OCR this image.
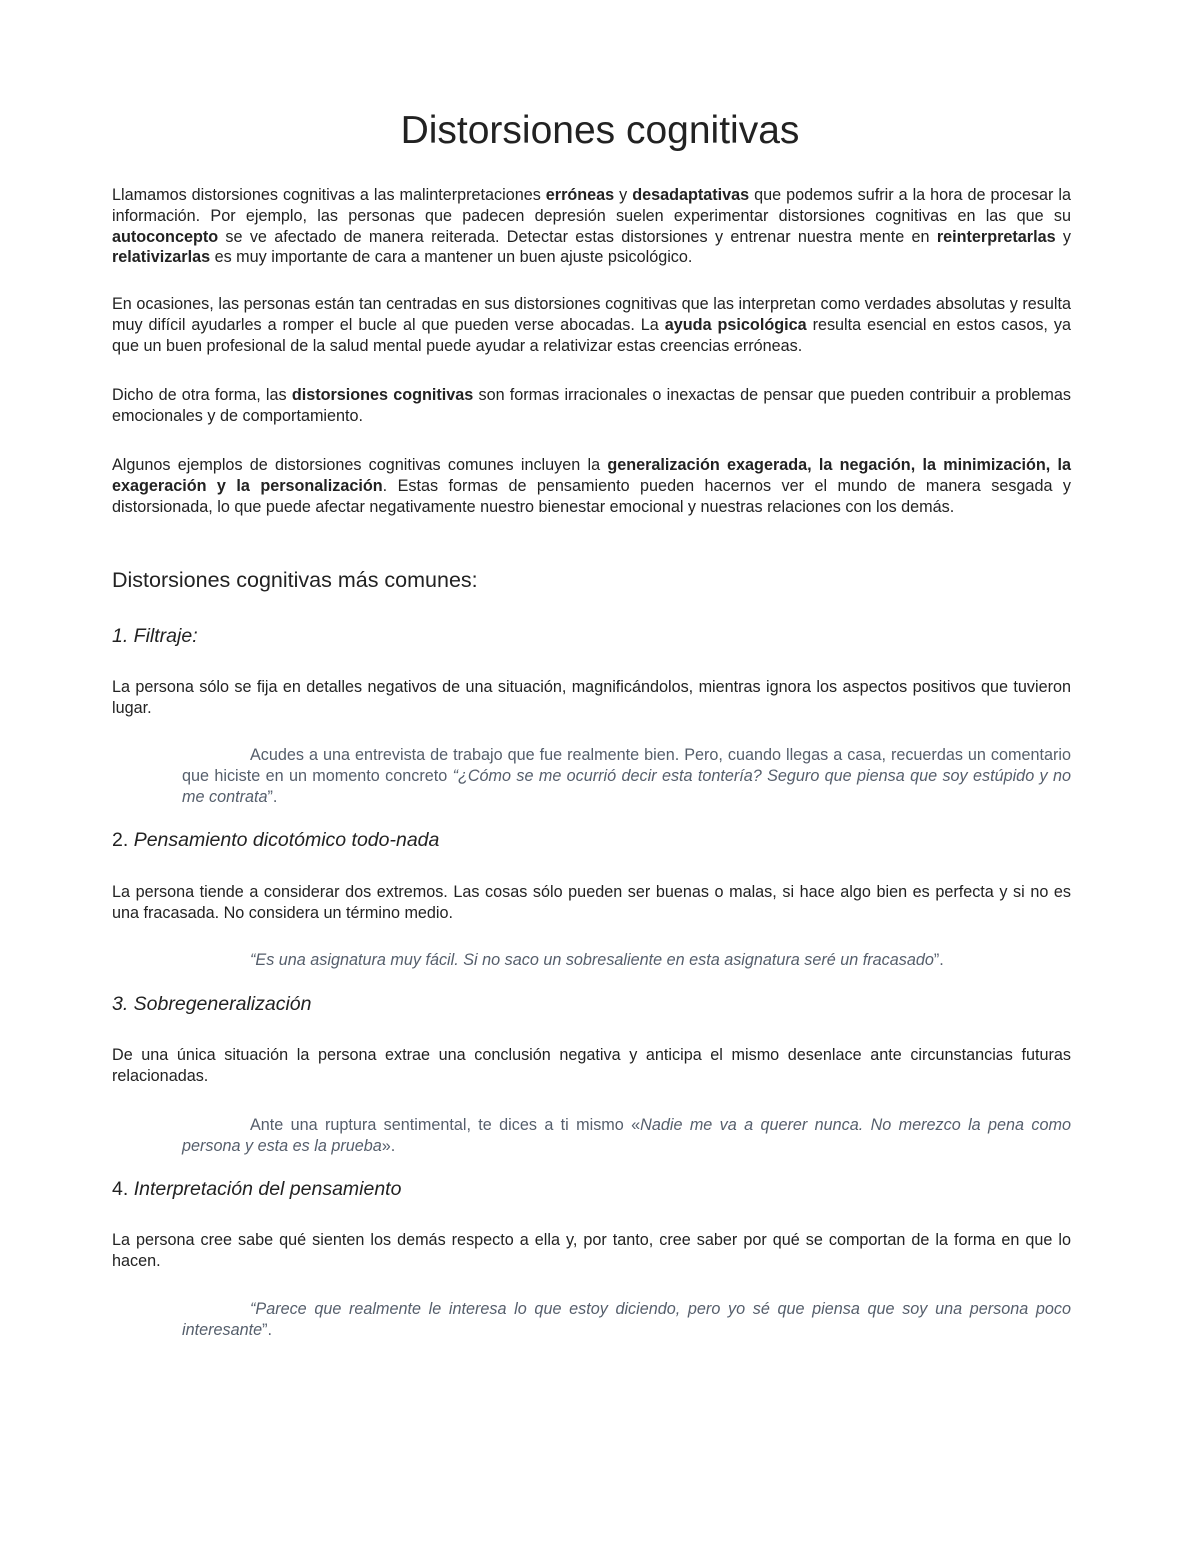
Distorsiones cognitivas

Llamamos distorsiones cognitivas a las malinterpretaciones erróneas y desadaptativas que podemos sufrir a la hora de procesar la información. Por ejemplo, las personas que padecen depresión suelen experimentar distorsiones cognitivas en las que su autoconcepto se ve afectado de manera reiterada. Detectar estas distorsiones y entrenar nuestra mente en reinterpretarlas y relativizarlas es muy importante de cara a mantener un buen ajuste psicológico.

En ocasiones, las personas están tan centradas en sus distorsiones cognitivas que las interpretan como verdades absolutas y resulta muy difícil ayudarles a romper el bucle al que pueden verse abocadas. La ayuda psicológica resulta esencial en estos casos, ya que un buen profesional de la salud mental puede ayudar a relativizar estas creencias erróneas.

Dicho de otra forma, las distorsiones cognitivas son formas irracionales o inexactas de pensar que pueden contribuir a problemas emocionales y de comportamiento.

Algunos ejemplos de distorsiones cognitivas comunes incluyen la generalización exagerada, la negación, la minimización, la exageración y la personalización. Estas formas de pensamiento pueden hacernos ver el mundo de manera sesgada y distorsionada, lo que puede afectar negativamente nuestro bienestar emocional y nuestras relaciones con los demás.

Distorsiones cognitivas más comunes:
1. Filtraje:

La persona sólo se fija en detalles negativos de una situación, magnificándolos, mientras ignora los aspectos positivos que tuvieron lugar.

Acudes a una entrevista de trabajo que fue realmente bien. Pero, cuando llegas a casa, recuerdas un comentario que hiciste en un momento concreto “¿Cómo se me ocurrió decir esta tontería? Seguro que piensa que soy estúpido y no me contrata”.

2. Pensamiento dicotómico todo-nada

La persona tiende a considerar dos extremos. Las cosas sólo pueden ser buenas o malas, si hace algo bien es perfecta y si no es una fracasada. No considera un término medio.

“Es una asignatura muy fácil. Si no saco un sobresaliente en esta asignatura seré un fracasado”.

3. Sobregeneralización

De una única situación la persona extrae una conclusión negativa y anticipa el mismo desenlace ante circunstancias futuras relacionadas.

Ante una ruptura sentimental, te dices a ti mismo «Nadie me va a querer nunca. No merezco la pena como persona y esta es la prueba».

4. Interpretación del pensamiento

La persona cree sabe qué sienten los demás respecto a ella y, por tanto, cree saber por qué se comportan de la forma en que lo hacen.

“Parece que realmente le interesa lo que estoy diciendo, pero yo sé que piensa que soy una persona poco interesante”.
